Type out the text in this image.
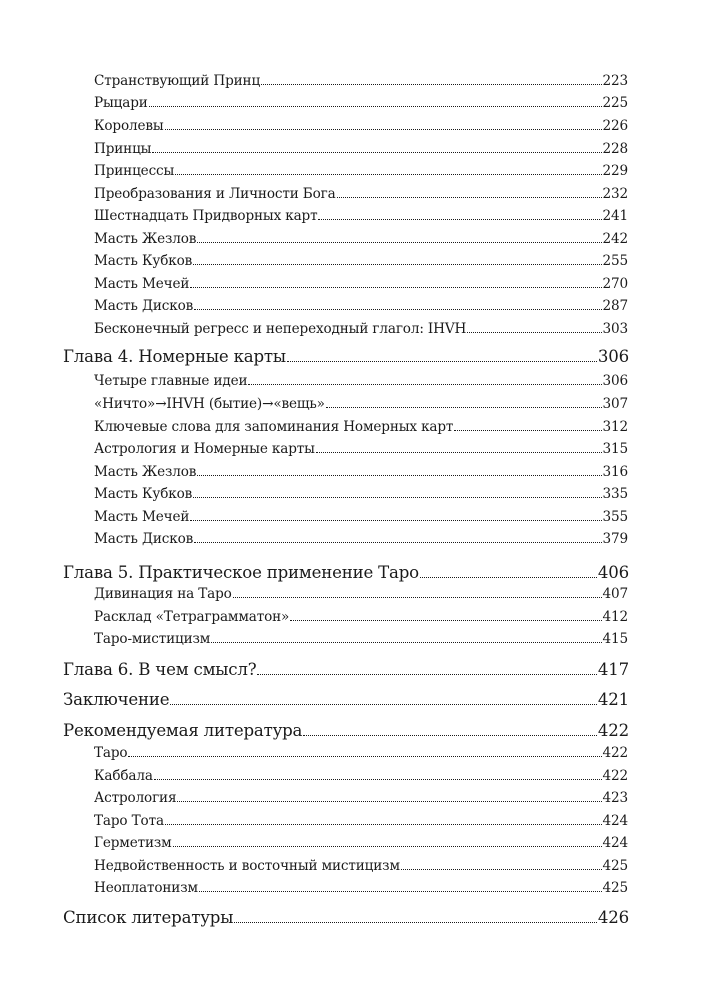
Странствующий Принц	223
Рыцари	225
Королевы	226
Принцы	228
Принцессы	229
Преобразования и Личности Бога	232
Шестнадцать Придворных карт	241
Масть Жезлов	242
Масть Кубков	255
Масть Мечей	270
Масть Дисков	287
Бесконечный регресс и непереходный глагол: IHVH	303
Глава 4. Номерные карты	306
Четыре главные идеи	306
«Ничто»→IHVH (бытие)→«вещь»	307
Ключевые слова для запоминания Номерных карт	312
Астрология и Номерные карты	315
Масть Жезлов	316
Масть Кубков	335
Масть Мечей	355
Масть Дисков	379
Глава 5. Практическое применение Таро	406
Дивинация на Таро	407
Расклад «Тетраграмматон»	412
Таро-мистицизм	415
Глава 6. В чем смысл?	417
Заключение	421
Рекомендуемая литература	422
Таро	422
Каббала	422
Астрология	423
Таро Тота	424
Герметизм	424
Недвойственность и восточный мистицизм	425
Неоплатонизм	425
Список литературы	426
